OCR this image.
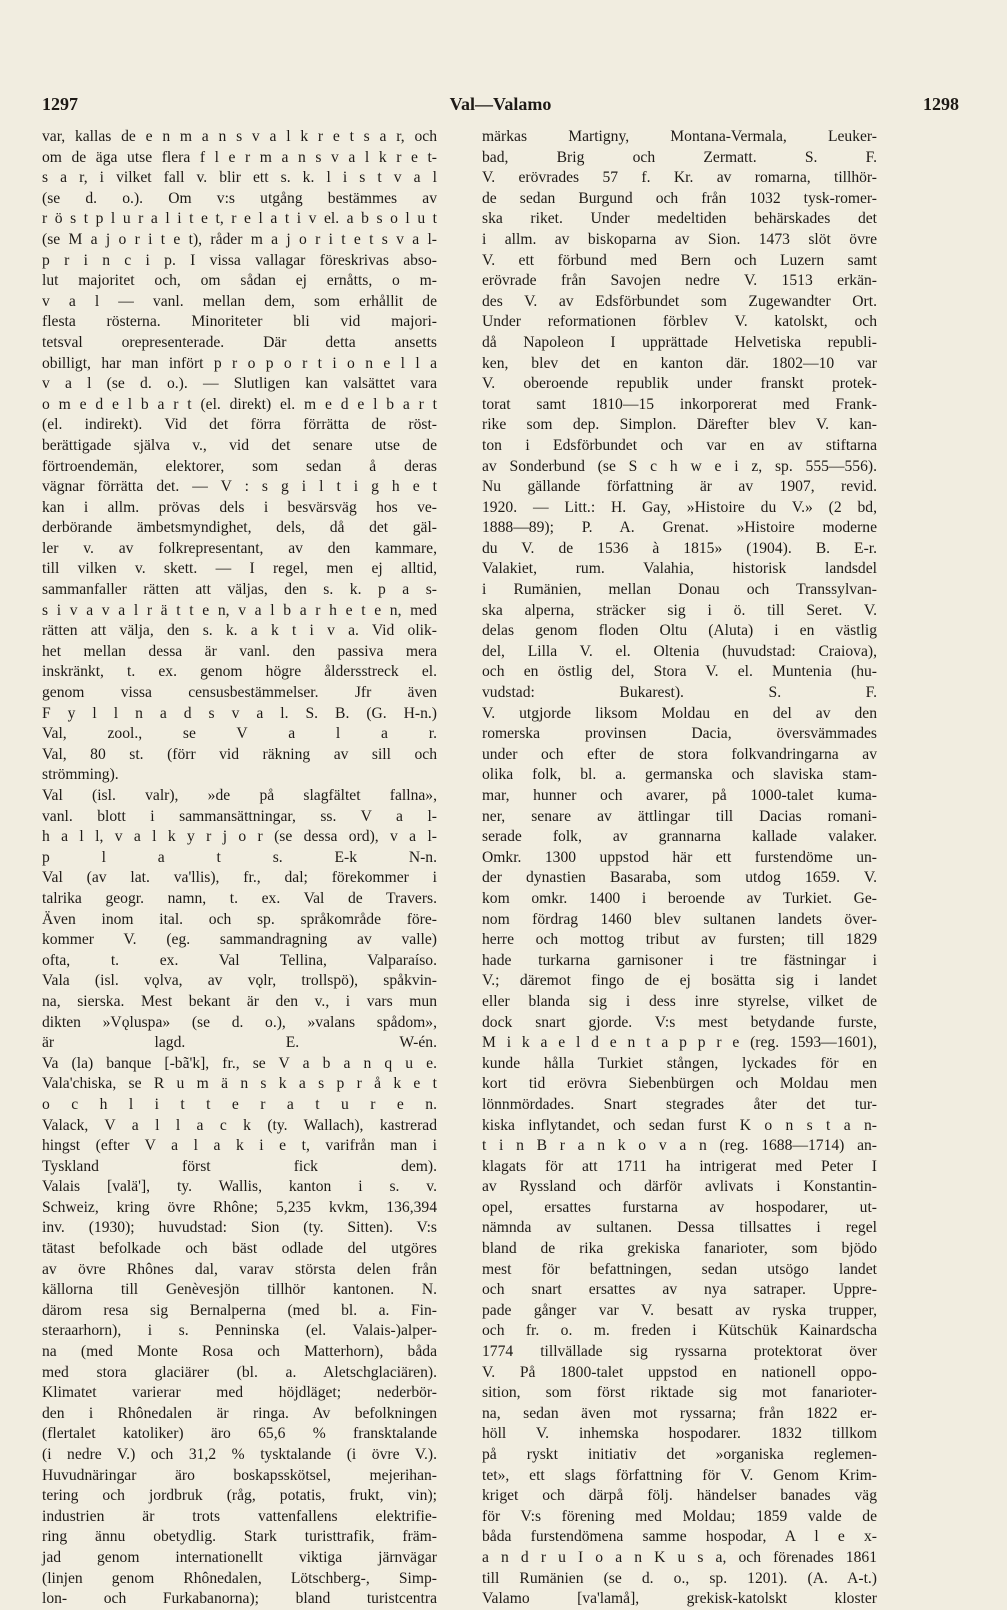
Val—Valamo
1297	1298
var, kallas de e n m a n s v a l k r e t s a r, och
om de äga utse flera f l e r m a n s v a l k r e t-
s a r, i vilket fall v. blir ett s. k. l i s t v a l
(se d. o.). Om v:s utgång bestämmes av
r ö s t p l u r a l i t e t, r e l a t i v el. a b s o l u t
(se M a j o r i t e t), råder m a j o r i t e t s v a l-
p r i n c i p. I vissa vallagar föreskrivas abso-
lut majoritet och, om sådan ej ernåtts, o m-
v a l — vanl. mellan dem, som erhållit de
flesta rösterna. Minoriteter bli vid majori-
tetsval orepresenterade. Där detta ansetts
obilligt, har man infört p r o p o r t i o n e l l a
v a l (se d. o.). — Slutligen kan valsättet vara
o m e d e l b a r t (el. direkt) el. m e d e l b a r t
(el. indirekt). Vid det förra förrätta de röst-
berättigade själva v., vid det senare utse de
förtroendemän, elektorer, som sedan å deras
vägnar förrätta det. — V : s g i l t i g h e t
kan i allm. prövas dels i besvärsväg hos ve-
derbörande ämbetsmyndighet, dels, då det gäl-
ler v. av folkrepresentant, av den kammare,
till vilken v. skett. — I regel, men ej alltid,
sammanfaller rätten att väljas, den s. k. p a s-
s i v a v a l r ä t t e n, v a l b a r h e t e n, med
rätten att välja, den s. k. a k t i v a. Vid olik-
het mellan dessa är vanl. den passiva mera
inskränkt, t. ex. genom högre åldersstreck el.
genom vissa censusbestämmelser. Jfr även
F y l l n a d s v a l. S. B. (G. H-n.)
Val, zool., se V a l a r.
Val, 80 st. (förr vid räkning av sill och
strömming).
Val (isl. valr), »de på slagfältet fallna»,
vanl. blott i sammansättningar, ss. V a l-
h a l l, v a l k y r j o r (se dessa ord), v a l-
p l a t s. E-k N-n.
Val (av lat. va'llis), fr., dal; förekommer i
talrika geogr. namn, t. ex. Val de Travers.
Även inom ital. och sp. språkområde före-
kommer V. (eg. sammandragning av valle)
ofta, t. ex. Val Tellina, Valparaíso.
Vala (isl. vǫlva, av vǫlr, trollspö), spåkvin-
na, sierska. Mest bekant är den v., i vars mun
dikten »Vǫluspa» (se d. o.), »valans spådom»,
är lagd. E. W-én.
Va (la) banque [-bã'k], fr., se V a b a n q u e.
Vala'chiska, se R u m ä n s k a s p r å k e t
o c h l i t t e r a t u r e n.
Valack, V a l l a c k (ty. Wallach), kastrerad
hingst (efter V a l a k i e t, varifrån man i
Tyskland först fick dem).
Valais [valä'], ty. Wallis, kanton i s. v.
Schweiz, kring övre Rhône; 5,235 kvkm, 136,394
inv. (1930); huvudstad: Sion (ty. Sitten). V:s
tätast befolkade och bäst odlade del utgöres
av övre Rhônes dal, varav största delen från
källorna till Genèvesjön tillhör kantonen. N.
därom resa sig Bernalperna (med bl. a. Fin-
steraarhorn), i s. Penninska (el. Valais-)alper-
na (med Monte Rosa och Matterhorn), båda
med stora glaciärer (bl. a. Aletschglaciären).
Klimatet varierar med höjdläget; nederbör-
den i Rhônedalen är ringa. Av befolkningen
(flertalet katoliker) äro 65,6 % fransktalande
(i nedre V.) och 31,2 % tysktalande (i övre V.).
Huvudnäringar äro boskapsskötsel, mejerihan-
tering och jordbruk (råg, potatis, frukt, vin);
industrien är trots vattenfallens elektrifie-
ring ännu obetydlig. Stark turisttrafik, främ-
jad genom internationellt viktiga järnvägar
(linjen genom Rhônedalen, Lötschberg-, Simp-
lon- och Furkabanorna); bland turistcentra
märkas Martigny, Montana-Vermala, Leuker-
bad, Brig och Zermatt. S. F.
V. erövrades 57 f. Kr. av romarna, tillhör-
de sedan Burgund och från 1032 tysk-romer-
ska riket. Under medeltiden behärskades det
i allm. av biskoparna av Sion. 1473 slöt övre
V. ett förbund med Bern och Luzern samt
erövrade från Savojen nedre V. 1513 erkän-
des V. av Edsförbundet som Zugewandter Ort.
Under reformationen förblev V. katolskt, och
då Napoleon I upprättade Helvetiska republi-
ken, blev det en kanton där. 1802—10 var
V. oberoende republik under franskt protek-
torat samt 1810—15 inkorporerat med Frank-
rike som dep. Simplon. Därefter blev V. kan-
ton i Edsförbundet och var en av stiftarna
av Sonderbund (se S c h w e i z, sp. 555—556).
Nu gällande författning är av 1907, revid.
1920. — Litt.: H. Gay, »Histoire du V.» (2 bd,
1888—89); P. A. Grenat. »Histoire moderne
du V. de 1536 à 1815» (1904). B. E-r.
Valakiet, rum. Valahia, historisk landsdel
i Rumänien, mellan Donau och Transsylvan-
ska alperna, sträcker sig i ö. till Seret. V.
delas genom floden Oltu (Aluta) i en västlig
del, Lilla V. el. Oltenia (huvudstad: Craiova),
och en östlig del, Stora V. el. Muntenia (hu-
vudstad: Bukarest). S. F.
V. utgjorde liksom Moldau en del av den
romerska provinsen Dacia, översvämmades
under och efter de stora folkvandringarna av
olika folk, bl. a. germanska och slaviska stam-
mar, hunner och avarer, på 1000-talet kuma-
ner, senare av ättlingar till Dacias romani-
serade folk, av grannarna kallade valaker.
Omkr. 1300 uppstod här ett furstendöme un-
der dynastien Basaraba, som utdog 1659. V.
kom omkr. 1400 i beroende av Turkiet. Ge-
nom fördrag 1460 blev sultanen landets över-
herre och mottog tribut av fursten; till 1829
hade turkarna garnisoner i tre fästningar i
V.; däremot fingo de ej bosätta sig i landet
eller blanda sig i dess inre styrelse, vilket de
dock snart gjorde. V:s mest betydande furste,
M i k a e l d e n t a p p r e (reg. 1593—1601),
kunde hålla Turkiet stången, lyckades för en
kort tid erövra Siebenbürgen och Moldau men
lönnmördades. Snart stegrades åter det tur-
kiska inflytandet, och sedan furst K o n s t a n-
t i n B r a n k o v a n (reg. 1688—1714) an-
klagats för att 1711 ha intrigerat med Peter I
av Ryssland och därför avlivats i Konstantin-
opel, ersattes furstarna av hospodarer, ut-
nämnda av sultanen. Dessa tillsattes i regel
bland de rika grekiska fanarioter, som bjödo
mest för befattningen, sedan utsögo landet
och snart ersattes av nya satraper. Uppre-
pade gånger var V. besatt av ryska trupper,
och fr. o. m. freden i Kütschük Kainardscha
1774 tillvällade sig ryssarna protektorat över
V. På 1800-talet uppstod en nationell oppo-
sition, som först riktade sig mot fanarioter-
na, sedan även mot ryssarna; från 1822 er-
höll V. inhemska hospodarer. 1832 tillkom
på ryskt initiativ det »organiska reglemen-
tet», ett slags författning för V. Genom Krim-
kriget och därpå följ. händelser banades väg
för V:s förening med Moldau; 1859 valde de
båda furstendömena samme hospodar, A l e x-
a n d r u I o a n K u s a, och förenades 1861
till Rumänien (se d. o., sp. 1201). (A. A-t.)
Valamo [va'lamå], grekisk-katolskt kloster
